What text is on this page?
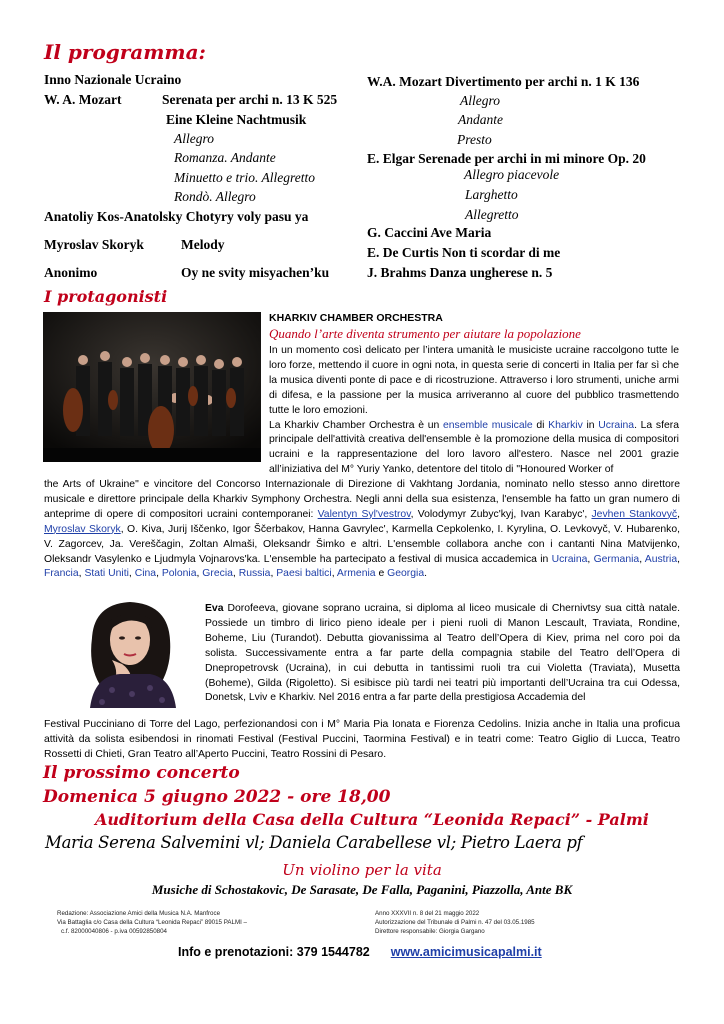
Il programma:
Inno Nazionale Ucraino
W. A. Mozart	Serenata per archi n. 13 K 525
Eine Kleine Nachtmusik
Allegro
Romanza. Andante
Minuetto e trio. Allegretto
Rondò. Allegro
Anatoliy Kos-Anatolsky Chotyry voly pasu ya
Myroslav Skoryk	Melody
Anonimo	Oy ne svity misyachen’ku
W.A. Mozart Divertimento per archi n. 1 K 136
Allegro
Andante
Presto
E. Elgar Serenade per archi in mi minore Op. 20
Allegro piacevole
Larghetto
Allegretto
G. Caccini Ave Maria
E. De Curtis Non ti scordar di me
J. Brahms Danza ungherese n. 5
I protagonisti
KHARKIV CHAMBER ORCHESTRA
Quando l’arte diventa strumento per aiutare la popolazione
In un momento così delicato per l’intera umanità le musiciste ucraine raccolgono tutte le loro forze, mettendo il cuore in ogni nota, in questa serie di concerti in Italia per far sì che la musica diventi ponte di pace e di ricostruzione. Attraverso i loro strumenti, uniche armi di difesa, e la passione per la musica arriveranno al cuore del pubblico trasmettendo tutte le loro emozioni.
La Kharkiv Chamber Orchestra è un ensemble musicale di Kharkiv in Ucraina. La sfera principale dell'attività creativa dell'ensemble è la promozione della musica di compositori ucraini e la rappresentazione del loro lavoro all'estero. Nasce nel 2001 grazie all’iniziativa del M° Yuriy Yanko, detentore del titolo di "Honoured Worker of
the Arts of Ukraine" e vincitore del Concorso Internazionale di Direzione di Vakhtang Jordania, nominato nello stesso anno direttore musicale e direttore principale della Kharkiv Symphony Orchestra. Negli anni della sua esistenza, l'ensemble ha fatto un gran numero di anteprime di opere di compositori ucraini contemporanei: Valentyn Syl'vestrov, Volodymyr Zubyc'kyj, Ivan Karabyc', Jevhen Stankovyč, Myroslav Skoryk, O. Kiva, Jurij Iščenko, Igor Ščerbakov, Hanna Gavrylec', Karmella Cepkolenko, I. Kyrylina, O. Levkovyč, V. Hubarenko, V. Zagorcev, Ja. Vereščagin, Zoltan Almaši, Oleksandr Šimko e altri. L'ensemble collabora anche con i cantanti Nina Matvijenko, Oleksandr Vasylenko e Ljudmyla Vojnarovs'ka. L'ensemble ha partecipato a festival di musica accademica in Ucraina, Germania, Austria, Francia, Stati Uniti, Cina, Polonia, Grecia, Russia, Paesi baltici, Armenia e Georgia.
Eva Dorofeeva, giovane soprano ucraina, si diploma al liceo musicale di Chernivtsy sua città natale. Possiede un timbro di lirico pieno ideale per i pieni ruoli di Manon Lescault, Traviata, Rondine, Boheme, Liu (Turandot). Debutta giovanissima al Teatro dell’Opera di Kiev, prima nel coro poi da solista. Successivamente entra a far parte della compagnia stabile del Teatro dell’Opera di Dnepropetrovsk (Ucraina), in cui debutta in tantissimi ruoli tra cui Violetta (Traviata), Musetta (Boheme), Gilda (Rigoletto). Si esibisce più tardi nei teatri più importanti dell’Ucraina tra cui Odessa, Donetsk, Lviv e Kharkiv. Nel 2016 entra a far parte della prestigiosa Accademia del
Festival Pucciniano di Torre del Lago, perfezionandosi con i M° Maria Pia Ionata e Fiorenza Cedolins. Inizia anche in Italia una proficua attività da solista esibendosi in rinomati Festival (Festival Puccini, Taormina Festival) e in teatri come: Teatro Giglio di Lucca, Teatro Rossetti di Chieti, Gran Teatro all’Aperto Puccini, Teatro Rossini di Pesaro.
Il prossimo concerto
Domenica 5 giugno 2022 - ore 18,00
Auditorium della Casa della Cultura “Leonida Repaci” - Palmi
Maria Serena Salvemini vl; Daniela Carabellese vl; Pietro Laera pf
Un violino per la vita
Musiche di Schostakovic, De Sarasate, De Falla, Paganini, Piazzolla, Ante BK
Redazione: Associazione Amici della Musica N.A. Manfroce
Via Battaglia c/o Casa della Cultura “Leonida Repaci” 89015 PALMI –
c.f. 82000040806 - p.iva 00592850804
Anno XXXVII n. 8 del 21 maggio 2022
Autorizzazione del Tribunale di Palmi n. 47 del 03.05.1985
Direttore responsabile: Giorgia Gargano
Info e prenotazioni: 379 1544782 www.amicimusicapalmi.it
